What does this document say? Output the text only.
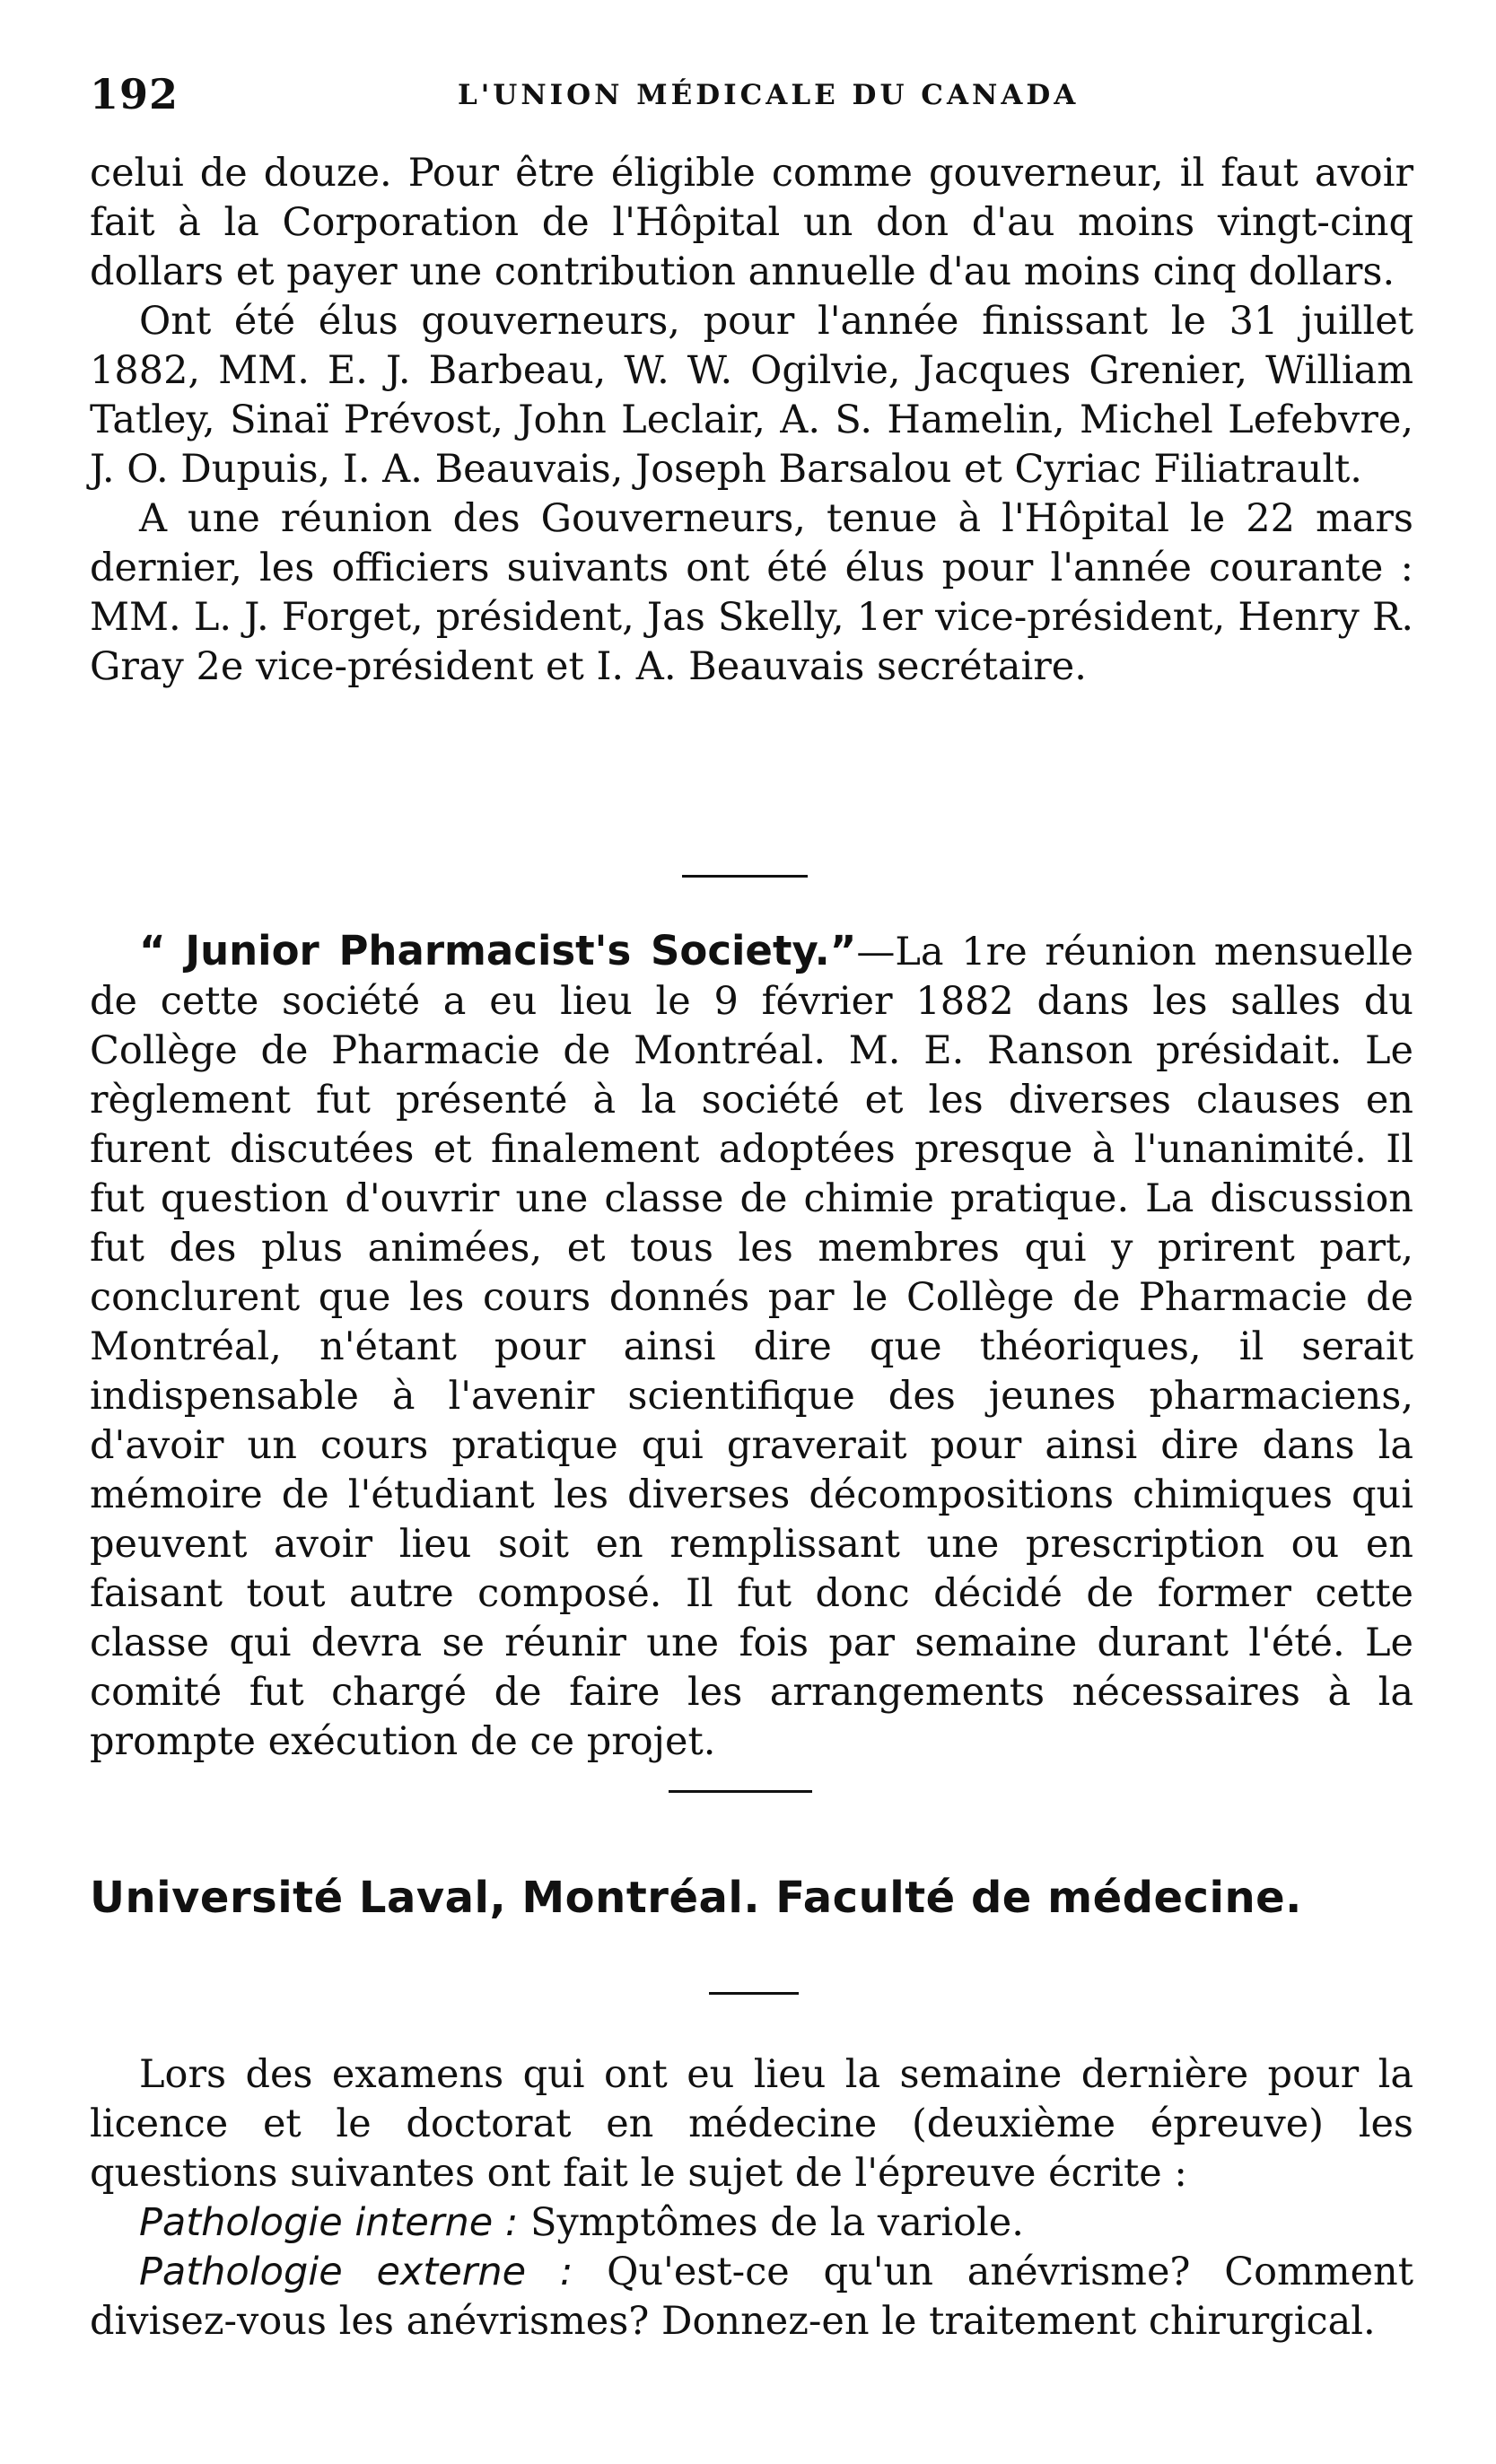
192	L'UNION MÉDICALE DU CANADA

celui de douze. Pour être éligible comme gouverneur, il faut avoir fait à la Corporation de l'Hôpital un don d'au moins vingt-cinq dollars et payer une contribution annuelle d'au moins cinq dollars.

Ont été élus gouverneurs, pour l'année finissant le 31 juillet 1882, MM. E. J. Barbeau, W. W. Ogilvie, Jacques Grenier, William Tatley, Sinaï Prévost, John Leclair, A. S. Hamelin, Michel Lefebvre, J. O. Dupuis, I. A. Beauvais, Joseph Barsalou et Cyriac Filiatrault.

A une réunion des Gouverneurs, tenue à l'Hôpital le 22 mars dernier, les officiers suivants ont été élus pour l'année courante : MM. L. J. Forget, président, Jas Skelly, 1er vice-président, Henry R. Gray 2e vice-président et I. A. Beauvais secrétaire.

“ Junior Pharmacist's Society.”—La 1re réunion mensuelle de cette société a eu lieu le 9 février 1882 dans les salles du Collège de Pharmacie de Montréal. M. E. Ranson présidait. Le règlement fut présenté à la société et les diverses clauses en furent discutées et finalement adoptées presque à l'unanimité. Il fut question d'ouvrir une classe de chimie pratique. La discussion fut des plus animées, et tous les membres qui y prirent part, conclurent que les cours donnés par le Collège de Pharmacie de Montréal, n'étant pour ainsi dire que théoriques, il serait indispensable à l'avenir scientifique des jeunes pharmaciens, d'avoir un cours pratique qui graverait pour ainsi dire dans la mémoire de l'étudiant les diverses décompositions chimiques qui peuvent avoir lieu soit en remplissant une prescription ou en faisant tout autre composé. Il fut donc décidé de former cette classe qui devra se réunir une fois par semaine durant l'été. Le comité fut chargé de faire les arrangements nécessaires à la prompte exécution de ce projet.

Université Laval, Montréal. Faculté de médecine.

Lors des examens qui ont eu lieu la semaine dernière pour la licence et le doctorat en médecine (deuxième épreuve) les questions suivantes ont fait le sujet de l'épreuve écrite :

Pathologie interne : Symptômes de la variole.

Pathologie externe : Qu'est-ce qu'un anévrisme? Comment divisez-vous les anévrismes? Donnez-en le traitement chirurgical.
